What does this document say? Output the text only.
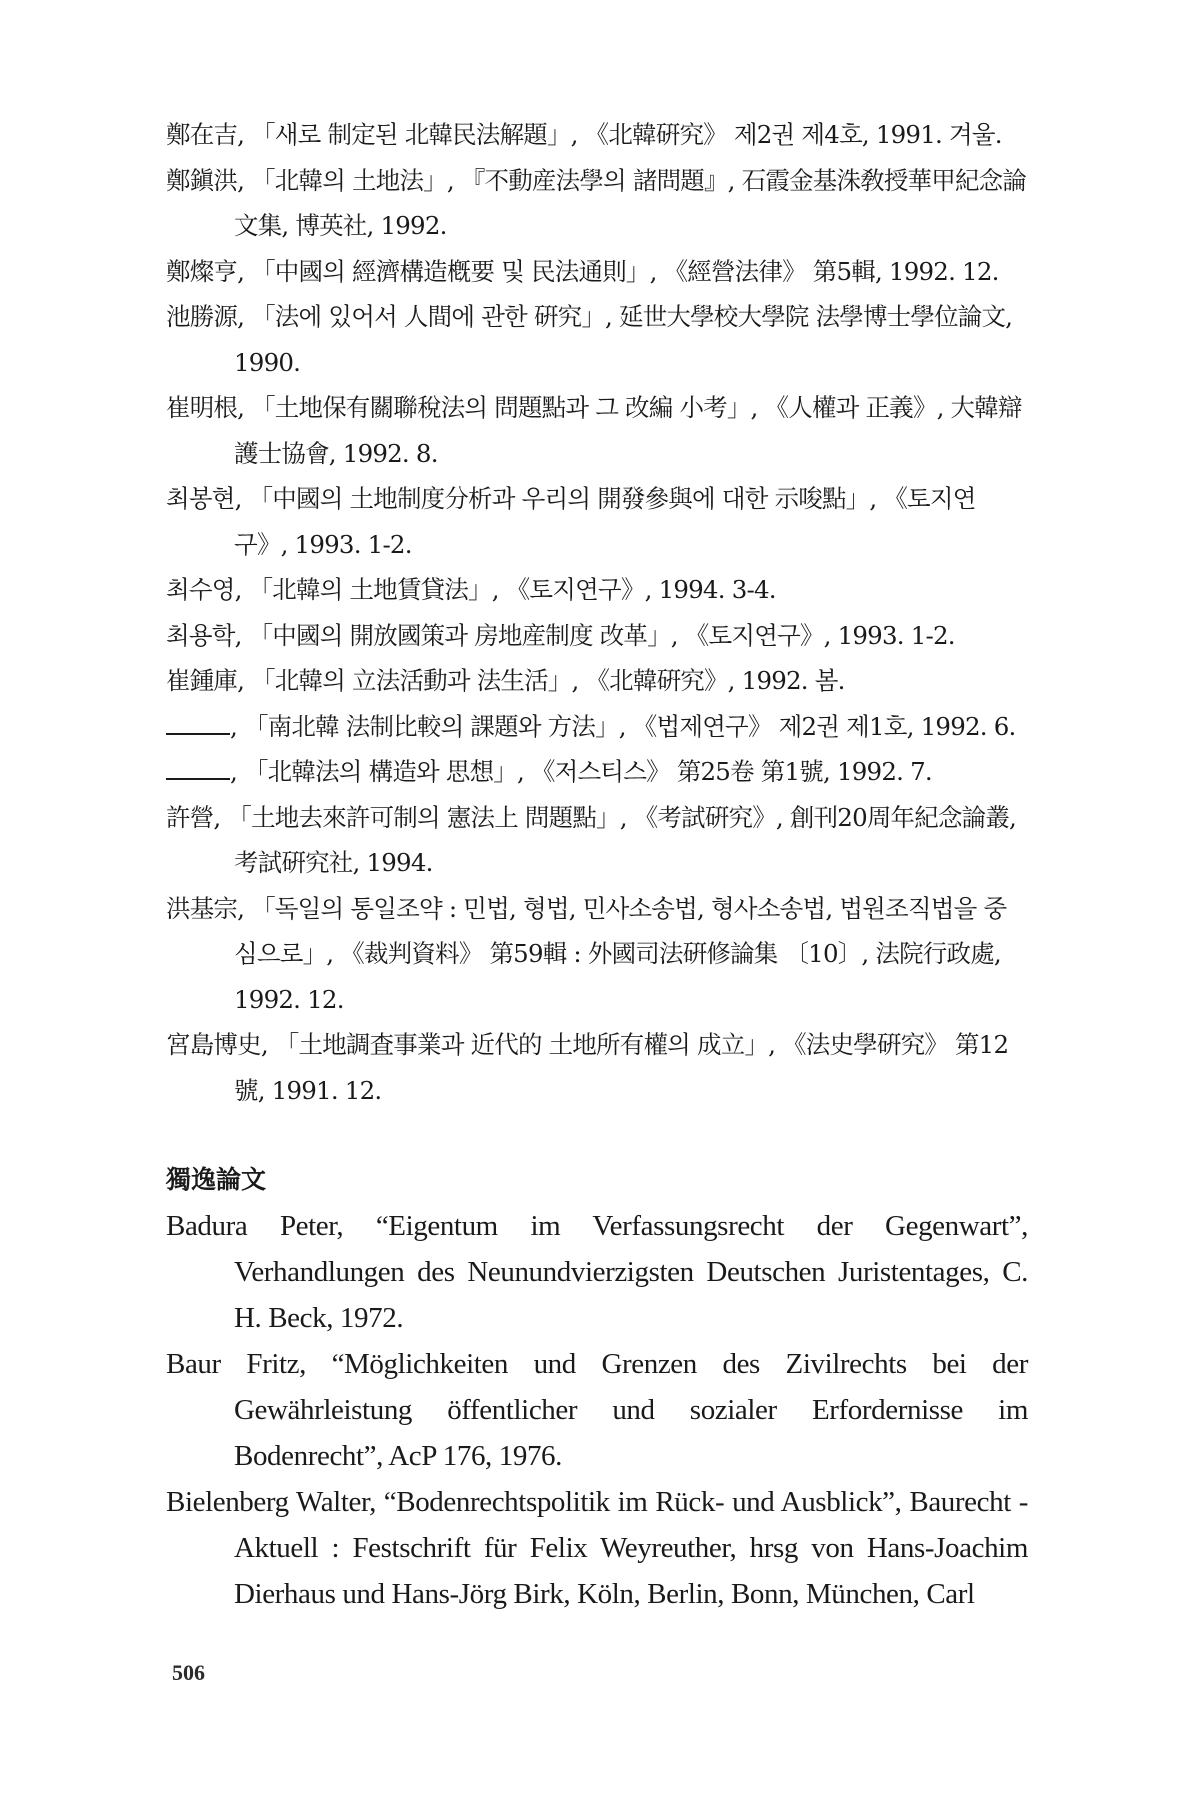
鄭在吉, 「새로 制定된 北韓民法解題」, 《北韓硏究》 제2권 제4호, 1991. 겨울.
鄭鎭洪, 「北韓의 土地法」, 『不動産法學의 諸問題』, 石霞金基洙敎授華甲紀念論文集, 博英社, 1992.
鄭燦亨, 「中國의 經濟構造槪要 및 民法通則」, 《經營法律》 第5輯, 1992. 12.
池勝源, 「法에 있어서 人間에 관한 硏究」, 延世大學校大學院 法學博士學位論文, 1990.
崔明根, 「土地保有關聯稅法의 問題點과 그 改編 小考」, 《人權과 正義》, 大韓辯護士協會, 1992. 8.
최봉현, 「中國의 土地制度分析과 우리의 開發參與에 대한 示唆點」, 《토지연구》, 1993. 1-2.
최수영, 「北韓의 土地賃貸法」, 《토지연구》, 1994. 3-4.
최용학, 「中國의 開放國策과 房地産制度 改革」, 《토지연구》, 1993. 1-2.
崔鍾庫, 「北韓의 立法活動과 法生活」, 《北韓硏究》, 1992. 봄.
, 「南北韓 法制比較의 課題와 方法」, 《법제연구》 제2권 제1호, 1992. 6.
, 「北韓法의 構造와 思想」, 《저스티스》 第25卷 第1號, 1992. 7.
許營, 「土地去來許可制의 憲法上 問題點」, 《考試硏究》, 創刊20周年紀念論叢, 考試硏究社, 1994.
洪基宗, 「독일의 통일조약 : 민법, 형법, 민사소송법, 형사소송법, 법원조직법을 중심으로」, 《裁判資料》 第59輯 : 外國司法硏修論集 〔10〕, 法院行政處, 1992. 12.
宮島博史, 「土地調査事業과 近代的 土地所有權의 成立」, 《法史學硏究》 第12號, 1991. 12.
獨逸論文
Badura Peter, “Eigentum im Verfassungsrecht der Gegenwart”, Verhandlungen des Neunundvierzigsten Deutschen Juristentages, C. H. Beck, 1972.
Baur Fritz, “Möglichkeiten und Grenzen des Zivilrechts bei der Gewährleistung öffentlicher und sozialer Erfordernisse im Bodenrecht”, AcP 176, 1976.
Bielenberg Walter, “Bodenrechtspolitik im Rück- und Ausblick”, Baurecht -Aktuell : Festschrift für Felix Weyreuther, hrsg von Hans-Joachim Dierhaus und Hans-Jörg Birk, Köln, Berlin, Bonn, München, Carl
506
